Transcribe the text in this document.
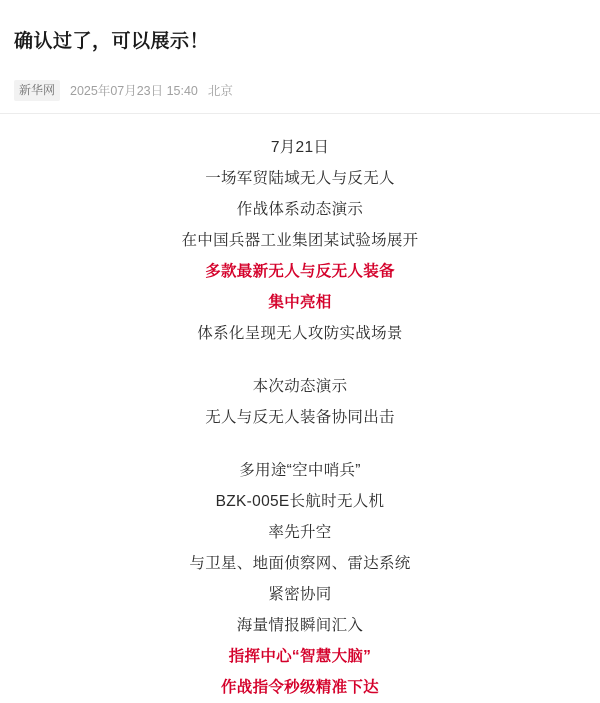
确认过了，可以展示！
新华网	2025年07月23日 15:40 北京
7月21日
一场军贸陆域无人与反无人
作战体系动态演示
在中国兵器工业集团某试验场展开
多款最新无人与反无人装备
集中亮相
体系化呈现无人攻防实战场景
本次动态演示
无人与反无人装备协同出击
多用途“空中哨兵”
BZK-005E长航时无人机
率先升空
与卫星、地面侦察网、雷达系统
紧密协同
海量情报瞬间汇入
指挥中心“智慧大脑”
作战指令秒级精准下达
